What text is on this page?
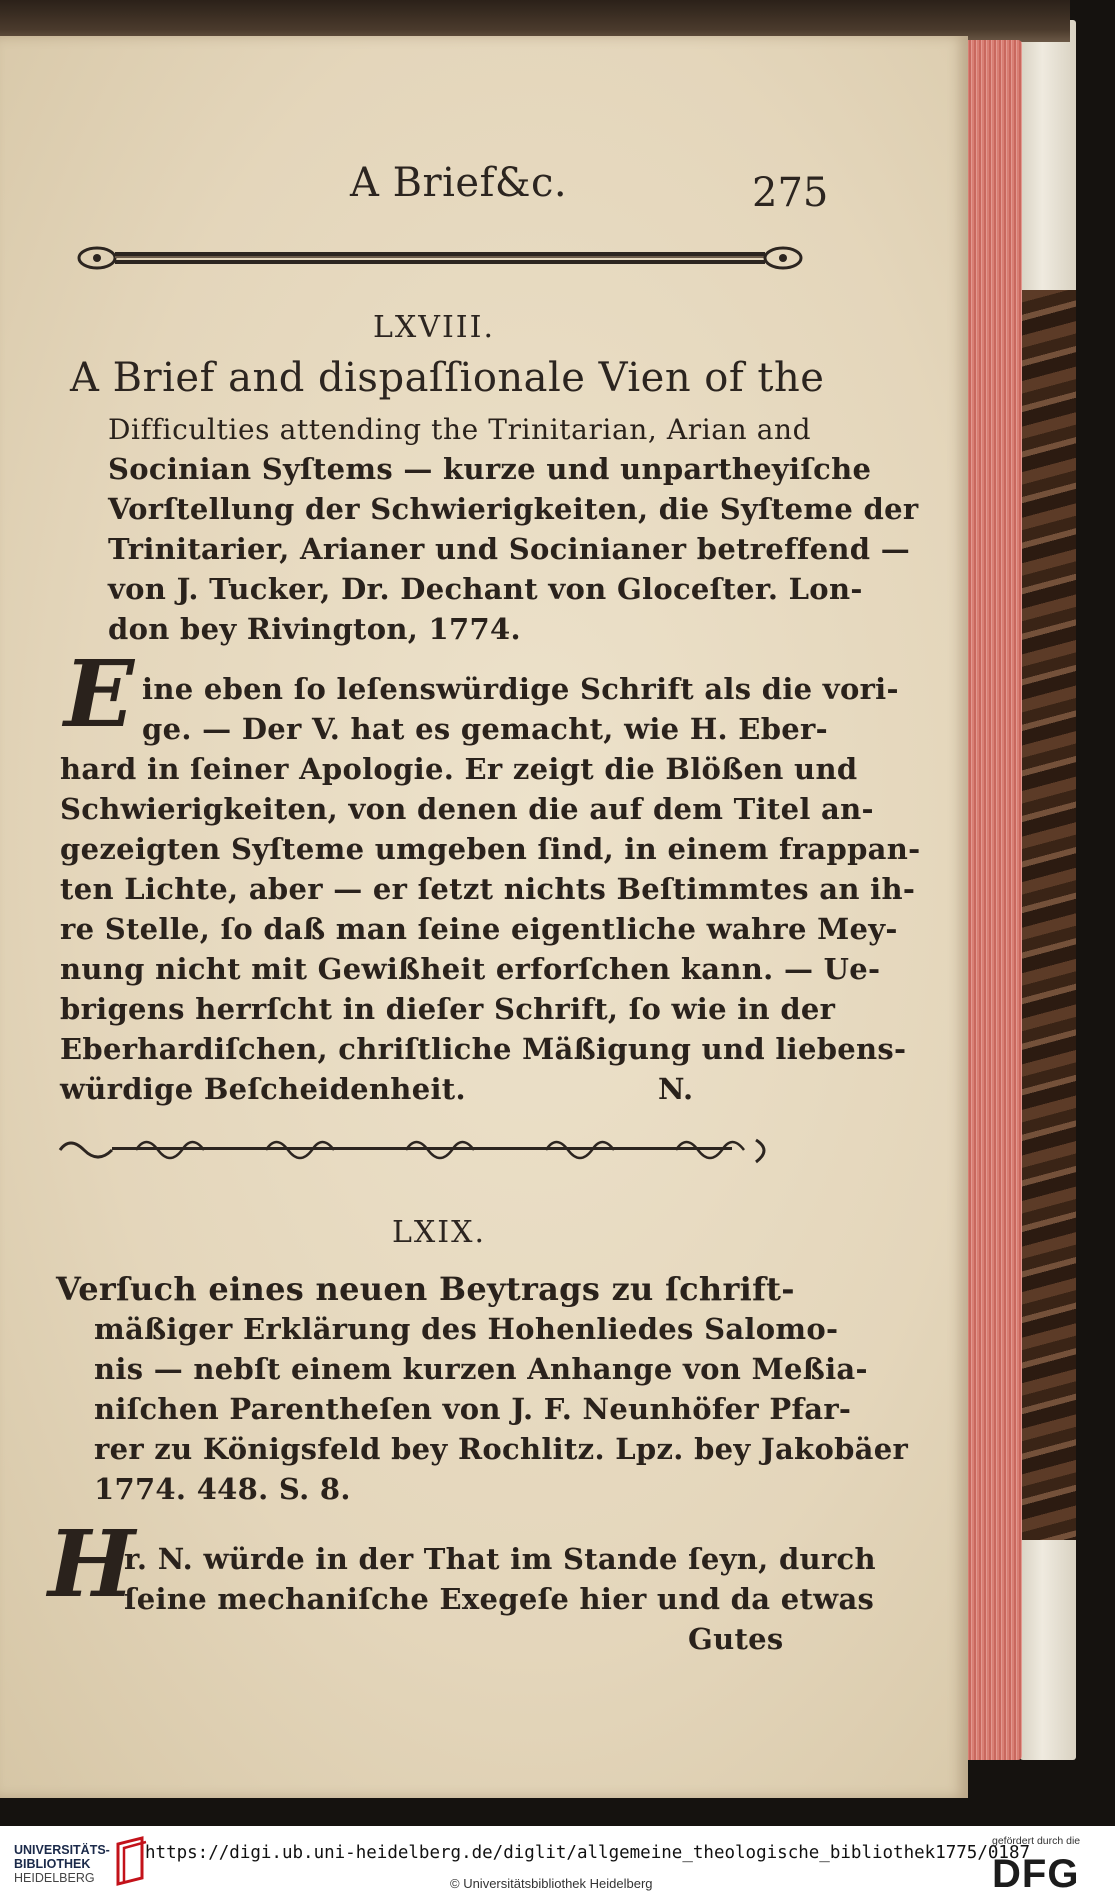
A Brief&c.	275
LXVIII.
A Brief and dispaſſionale Vien of the
Difficulties attending the Trinitarian, Arian and
Socinian Syſtems — kurze und unpartheyiſche
Vorſtellung der Schwierigkeiten, die Syſteme der
Trinitarier, Arianer und Socinianer betreffend —
von J. Tucker, Dr. Dechant von Gloceſter. Lon-
don bey Rivington, 1774.
E ine eben ſo leſenswürdige Schrift als die vori-
ge. — Der V. hat es gemacht, wie H. Eber-
hard in ſeiner Apologie. Er zeigt die Blößen und
Schwierigkeiten, von denen die auf dem Titel an-
gezeigten Syſteme umgeben ſind, in einem frappan-
ten Lichte, aber — er ſetzt nichts Beſtimmtes an ih-
re Stelle, ſo daß man ſeine eigentliche wahre Mey-
nung nicht mit Gewißheit erforſchen kann. — Ue-
brigens herrſcht in dieſer Schrift, ſo wie in der
Eberhardiſchen, chriſtliche Mäßigung und liebens-
würdige Beſcheidenheit.	N.
LXIX.
Verſuch eines neuen Beytrags zu ſchrift-
mäßiger Erklärung des Hohenliedes Salomo-
nis — nebſt einem kurzen Anhange von Meßia-
niſchen Parentheſen von J. F. Neunhöfer Pfar-
rer zu Königsfeld bey Rochlitz. Lpz. bey Jakobäer
1774. 448. S. 8.
H
r. N. würde in der That im Stande ſeyn, durch
ſeine mechaniſche Exegeſe hier und da etwas
Gutes
UNIVERSITÄTS-
BIBLIOTHEK
HEIDELBERG
https://digi.ub.uni-heidelberg.de/diglit/allgemeine_theologische_bibliothek1775/0187
© Universitätsbibliothek Heidelberg
gefördert durch die
DFG
